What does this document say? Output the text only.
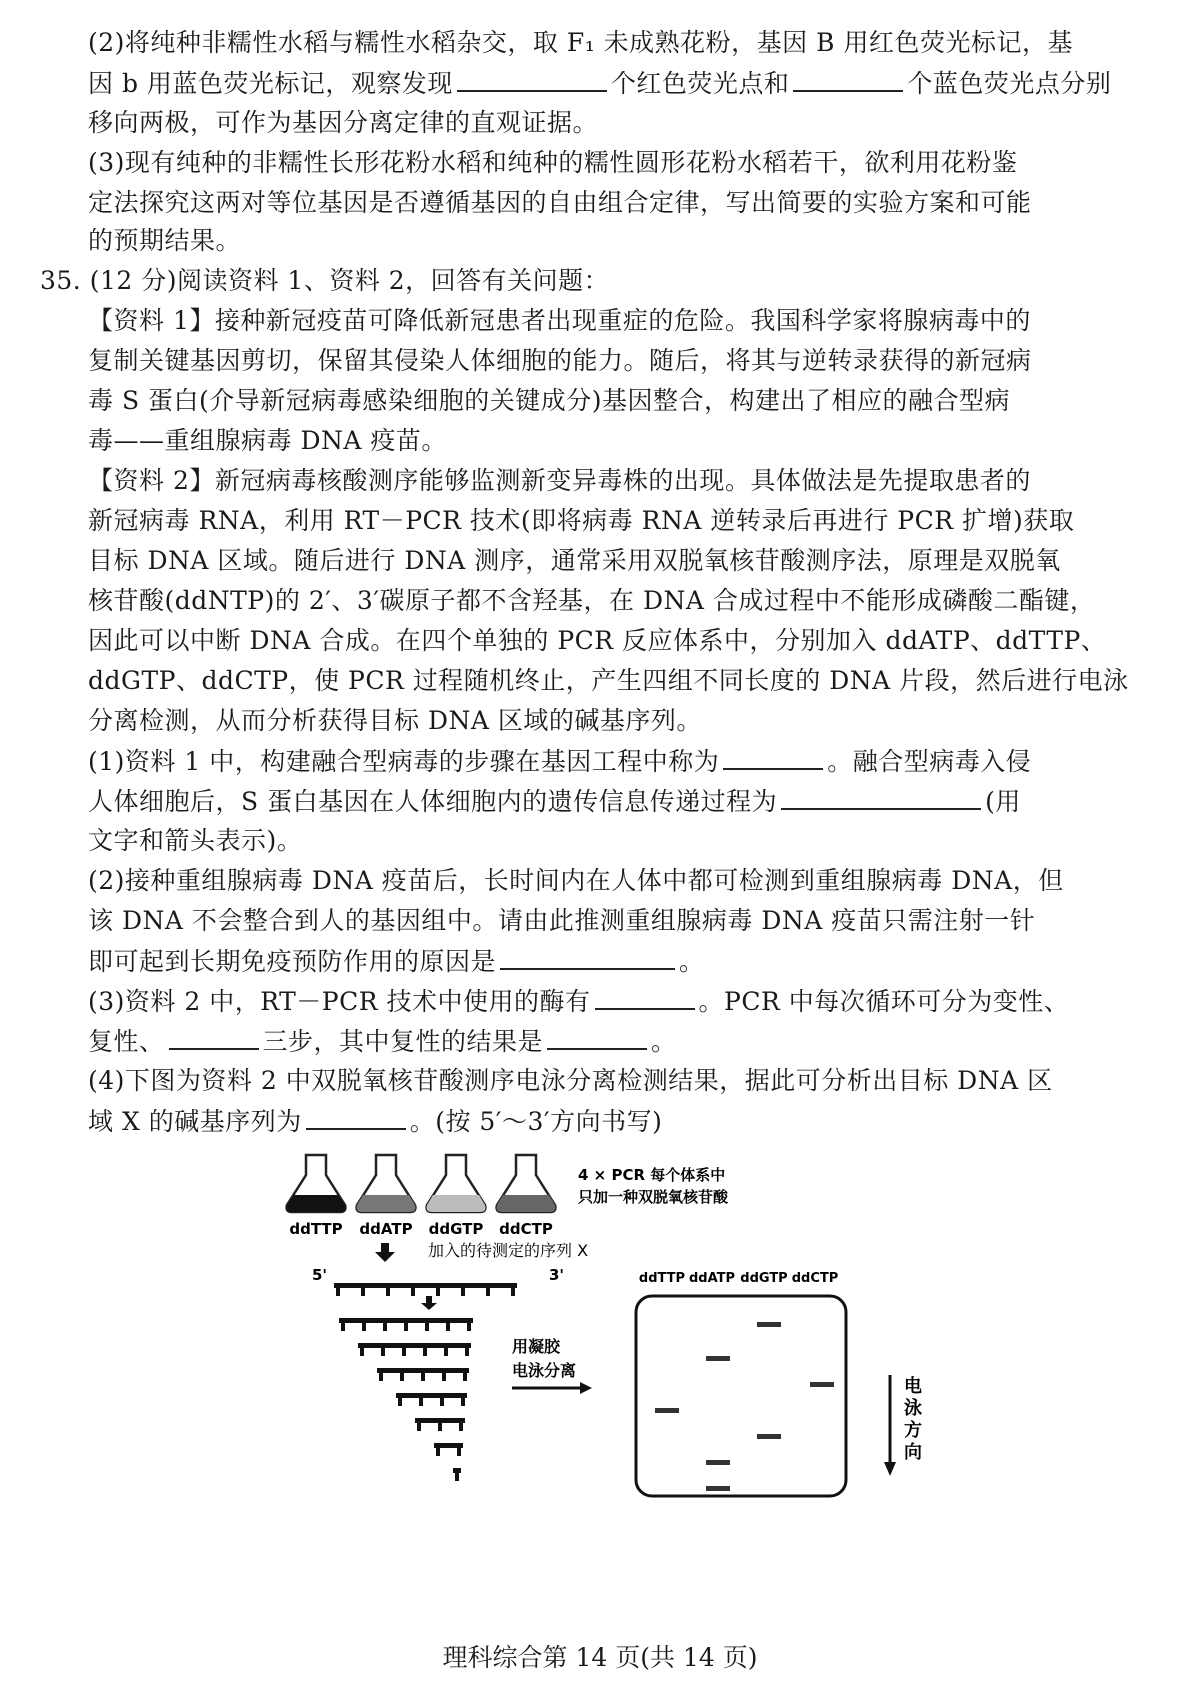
(2)将纯种非糯性水稻与糯性水稻杂交，取 F₁ 未成熟花粉，基因 B 用红色荧光标记，基
因 b 用蓝色荧光标记，观察发现	个红色荧光点和	个蓝色荧光点分别
移向两极，可作为基因分离定律的直观证据。
(3)现有纯种的非糯性长形花粉水稻和纯种的糯性圆形花粉水稻若干，欲利用花粉鉴
定法探究这两对等位基因是否遵循基因的自由组合定律，写出简要的实验方案和可能
的预期结果。
35. (12 分)阅读资料 1、资料 2，回答有关问题：
【资料 1】接种新冠疫苗可降低新冠患者出现重症的危险。我国科学家将腺病毒中的
复制关键基因剪切，保留其侵染人体细胞的能力。随后，将其与逆转录获得的新冠病
毒 S 蛋白(介导新冠病毒感染细胞的关键成分)基因整合，构建出了相应的融合型病
毒——重组腺病毒 DNA 疫苗。
【资料 2】新冠病毒核酸测序能够监测新变异毒株的出现。具体做法是先提取患者的
新冠病毒 RNA，利用 RT－PCR 技术(即将病毒 RNA 逆转录后再进行 PCR 扩增)获取
目标 DNA 区域。随后进行 DNA 测序，通常采用双脱氧核苷酸测序法，原理是双脱氧
核苷酸(ddNTP)的 2′、3′碳原子都不含羟基，在 DNA 合成过程中不能形成磷酸二酯键，
因此可以中断 DNA 合成。在四个单独的 PCR 反应体系中，分别加入 ddATP、ddTTP、
ddGTP、ddCTP，使 PCR 过程随机终止，产生四组不同长度的 DNA 片段，然后进行电泳
分离检测，从而分析获得目标 DNA 区域的碱基序列。
(1)资料 1 中，构建融合型病毒的步骤在基因工程中称为	。融合型病毒入侵
人体细胞后，S 蛋白基因在人体细胞内的遗传信息传递过程为	(用
文字和箭头表示)。
(2)接种重组腺病毒 DNA 疫苗后，长时间内在人体中都可检测到重组腺病毒 DNA，但
该 DNA 不会整合到人的基因组中。请由此推测重组腺病毒 DNA 疫苗只需注射一针
即可起到长期免疫预防作用的原因是	。
(3)资料 2 中，RT－PCR 技术中使用的酶有	。PCR 中每次循环可分为变性、
复性、	三步，其中复性的结果是	。
(4)下图为资料 2 中双脱氧核苷酸测序电泳分离检测结果，据此可分析出目标 DNA 区
域 X 的碱基序列为	。(按 5′～3′方向书写)
ddTTP ddATP ddGTP ddCTP
4 × PCR 每个体系中
只加一种双脱氧核苷酸
加入的待测定的序列 X
5'	3'
用凝胶
电泳分离
ddTTP ddATP ddGTP ddCTP
电泳方向
理科综合第 14 页(共 14 页)
